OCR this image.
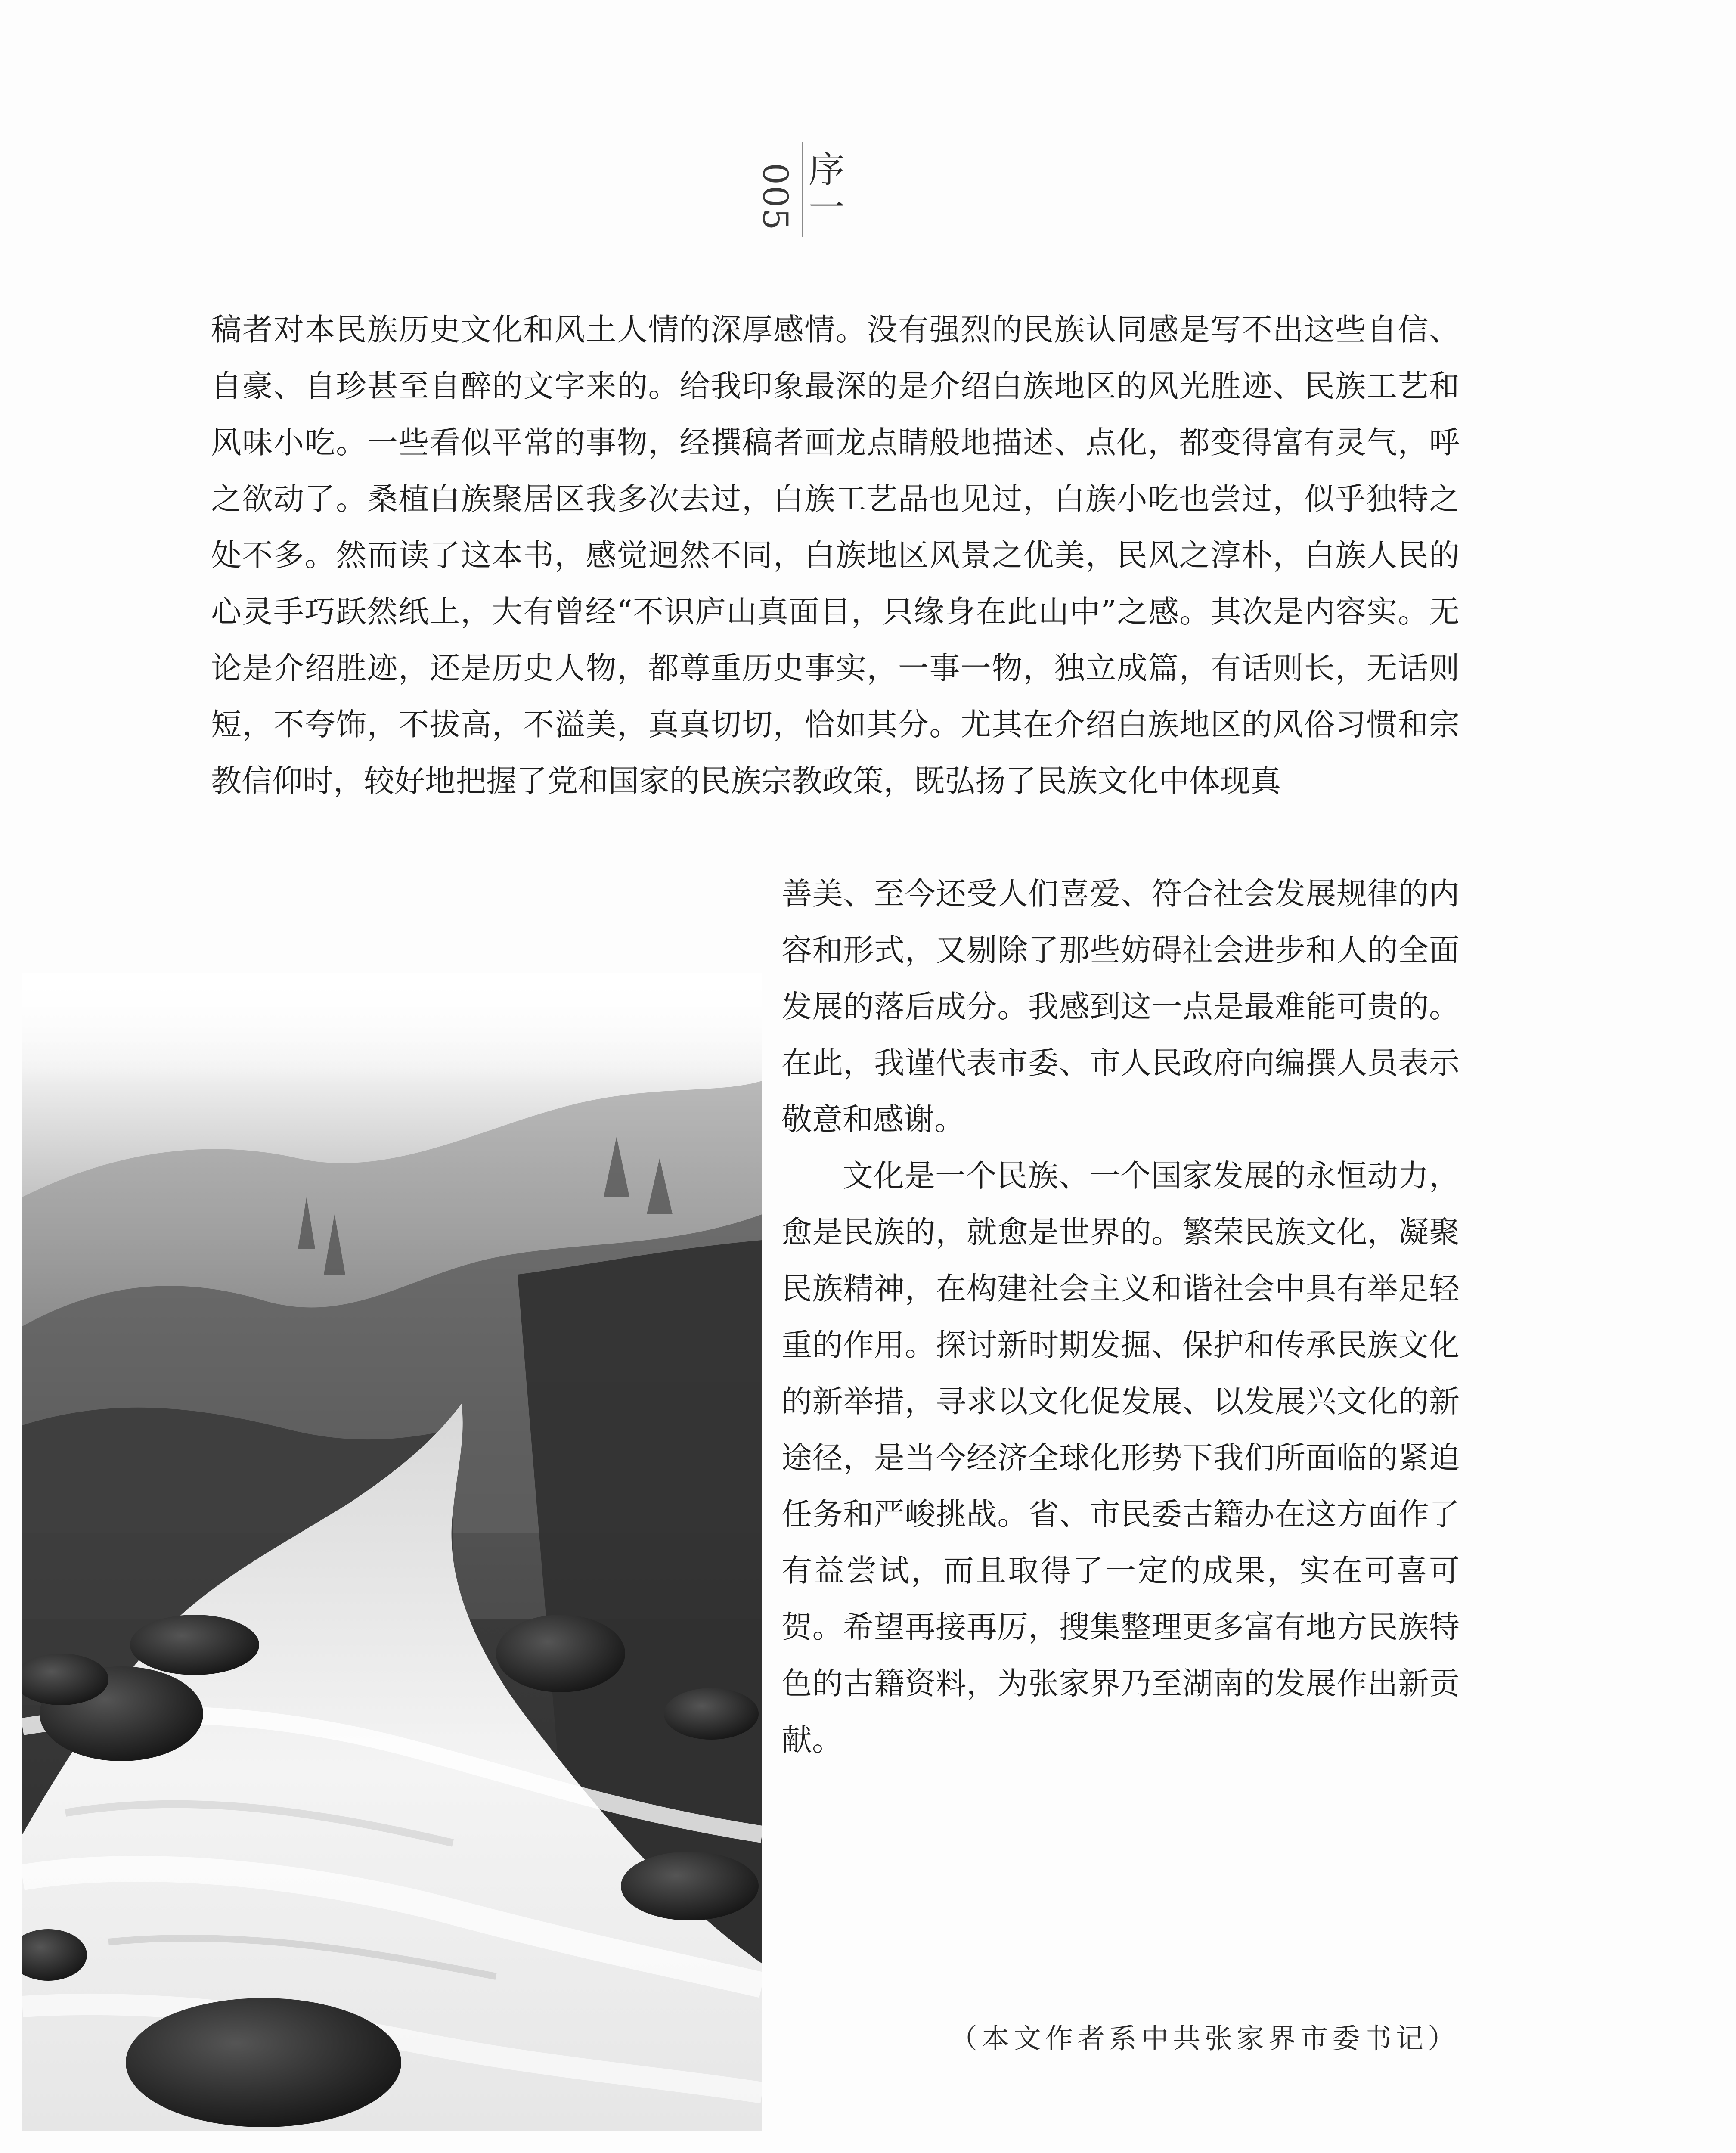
005 序一

稿者对本民族历史文化和风土人情的深厚感情。没有强烈的民族认同感是写不出这些自信、自豪、自珍甚至自醉的文字来的。给我印象最深的是介绍白族地区的风光胜迹、民族工艺和风味小吃。一些看似平常的事物，经撰稿者画龙点睛般地描述、点化，都变得富有灵气，呼之欲动了。桑植白族聚居区我多次去过，白族工艺品也见过，白族小吃也尝过，似乎独特之处不多。然而读了这本书，感觉迥然不同，白族地区风景之优美，民风之淳朴，白族人民的心灵手巧跃然纸上，大有曾经“不识庐山真面目，只缘身在此山中”之感。其次是内容实。无论是介绍胜迹，还是历史人物，都尊重历史事实，一事一物，独立成篇，有话则长，无话则短，不夸饰，不拔高，不溢美，真真切切，恰如其分。尤其在介绍白族地区的风俗习惯和宗教信仰时，较好地把握了党和国家的民族宗教政策，既弘扬了民族文化中体现真

善美、至今还受人们喜爱、符合社会发展规律的内容和形式，又剔除了那些妨碍社会进步和人的全面发展的落后成分。我感到这一点是最难能可贵的。在此，我谨代表市委、市人民政府向编撰人员表示敬意和感谢。

文化是一个民族、一个国家发展的永恒动力，愈是民族的，就愈是世界的。繁荣民族文化，凝聚民族精神，在构建社会主义和谐社会中具有举足轻重的作用。探讨新时期发掘、保护和传承民族文化的新举措，寻求以文化促发展、以发展兴文化的新途径，是当今经济全球化形势下我们所面临的紧迫任务和严峻挑战。省、市民委古籍办在这方面作了有益尝试，而且取得了一定的成果，实在可喜可贺。希望再接再厉，搜集整理更多富有地方民族特色的古籍资料，为张家界乃至湖南的发展作出新贡献。

（本文作者系中共张家界市委书记）
